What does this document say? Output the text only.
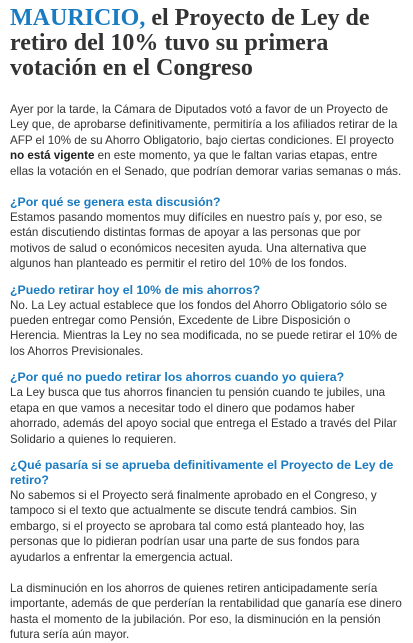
MAURICIO, el Proyecto de Ley de retiro del 10% tuvo su primera votación en el Congreso

Ayer por la tarde, la Cámara de Diputados votó a favor de un Proyecto de Ley que, de aprobarse definitivamente, permitiría a los afiliados retirar de la AFP el 10% de su Ahorro Obligatorio, bajo ciertas condiciones. El proyecto no está vigente en este momento, ya que le faltan varias etapas, entre ellas la votación en el Senado, que podrían demorar varias semanas o más.

¿Por qué se genera esta discusión?

Estamos pasando momentos muy difíciles en nuestro país y, por eso, se están discutiendo distintas formas de apoyar a las personas que por motivos de salud o económicos necesiten ayuda. Una alternativa que algunos han planteado es permitir el retiro del 10% de los fondos.

¿Puedo retirar hoy el 10% de mis ahorros?

No. La Ley actual establece que los fondos del Ahorro Obligatorio sólo se pueden entregar como Pensión, Excedente de Libre Disposición o Herencia. Mientras la Ley no sea modificada, no se puede retirar el 10% de los Ahorros Previsionales.

¿Por qué no puedo retirar los ahorros cuando yo quiera?

La Ley busca que tus ahorros financien tu pensión cuando te jubiles, una etapa en que vamos a necesitar todo el dinero que podamos haber ahorrado, además del apoyo social que entrega el Estado a través del Pilar Solidario a quienes lo requieren.

¿Qué pasaría si se aprueba definitivamente el Proyecto de Ley de retiro?

No sabemos si el Proyecto será finalmente aprobado en el Congreso, y tampoco si el texto que actualmente se discute tendrá cambios. Sin embargo, si el proyecto se aprobara tal como está planteado hoy, las personas que lo pidieran podrían usar una parte de sus fondos para ayudarlos a enfrentar la emergencia actual.

La disminución en los ahorros de quienes retiren anticipadamente sería importante, además de que perderían la rentabilidad que ganaría ese dinero hasta el momento de la jubilación. Por eso, la disminución en la pensión futura sería aún mayor.
